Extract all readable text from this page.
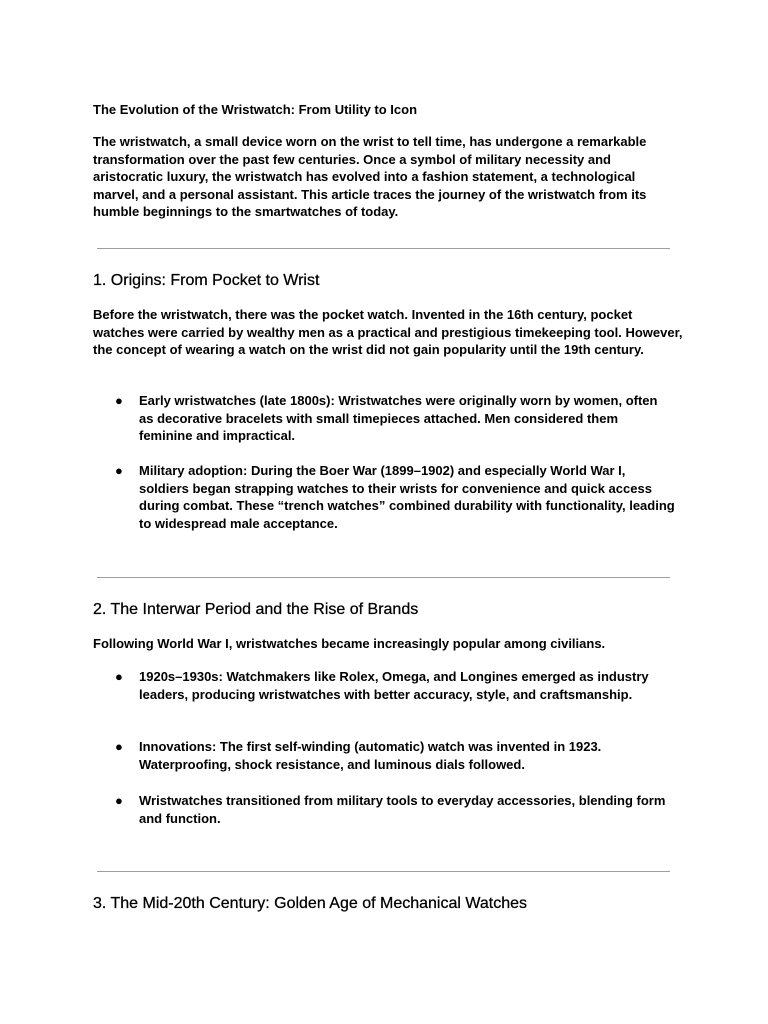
The Evolution of the Wristwatch: From Utility to Icon
The wristwatch, a small device worn on the wrist to tell time, has undergone a remarkable transformation over the past few centuries. Once a symbol of military necessity and aristocratic luxury, the wristwatch has evolved into a fashion statement, a technological marvel, and a personal assistant. This article traces the journey of the wristwatch from its humble beginnings to the smartwatches of today.
1. Origins: From Pocket to Wrist
Before the wristwatch, there was the pocket watch. Invented in the 16th century, pocket watches were carried by wealthy men as a practical and prestigious timekeeping tool. However, the concept of wearing a watch on the wrist did not gain popularity until the 19th century.
● Early wristwatches (late 1800s): Wristwatches were originally worn by women, often as decorative bracelets with small timepieces attached. Men considered them feminine and impractical.
● Military adoption: During the Boer War (1899–1902) and especially World War I, soldiers began strapping watches to their wrists for convenience and quick access during combat. These “trench watches” combined durability with functionality, leading to widespread male acceptance.
2. The Interwar Period and the Rise of Brands
Following World War I, wristwatches became increasingly popular among civilians.
● 1920s–1930s: Watchmakers like Rolex, Omega, and Longines emerged as industry leaders, producing wristwatches with better accuracy, style, and craftsmanship.
● Innovations: The first self-winding (automatic) watch was invented in 1923. Waterproofing, shock resistance, and luminous dials followed.
● Wristwatches transitioned from military tools to everyday accessories, blending form and function.
3. The Mid-20th Century: Golden Age of Mechanical Watches
